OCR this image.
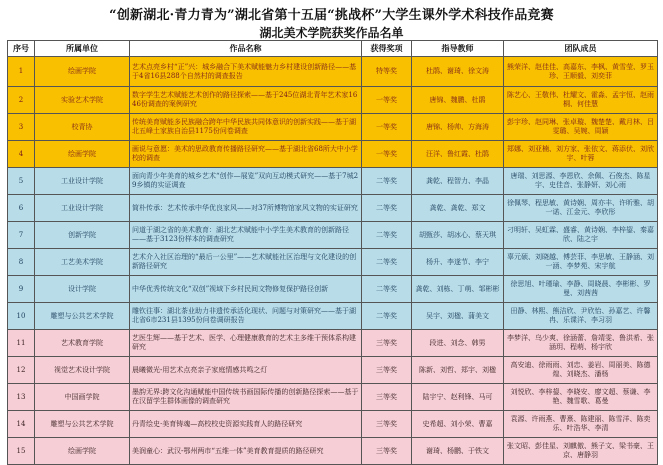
“创新湖北·青力青为”湖北省第十五届“挑战杯”大学生课外学术科技作品竞赛
湖北美术学院获奖作品名单
序号	所属单位	作品名称	获得奖项	指导教师	团队成员
1	绘画学院	艺术点亮乡村“正”兴：城乡融合下美术赋能魅力乡村建设创新路径——基于4省16县288个自然村的调查报告	特等奖	杜鹃、谢琦、徐文涛	熊荣洋、赵佳佳、高嘉东、李枫、黄雪莹、罗玉珍、王顺毅、刘奕菲
2	实验艺术学院	数字学生艺术赋能艺术创作的路径探索——基于245位湖北青年艺术家1646份调查的案例研究	一等奖	唐锦、魏鹏、杜鹃	陈艺心、王敬伟、杜耀文、霍淼、孟宇恒、赵雨桐、何佳慧
3	校青协	传统美育赋能多民族融合跨年中华民族共同体意识的创新实践——基于湖北五峰土家族自治县1175份问卷调查	一等奖	唐锦、杨帅、方海涛	彭宇珍、赵同琳、张卓璇、魏楚楚、戴月林、吕雯璐、吴婉、周颖
4	绘画学院	画说与意愿：美术的思政教育传播路径研究——基于湖北省68所大中小学校的调查	一等奖	汪洋、鲁红霞、杜鹃	郑娜、刘亚楠、刘方家、张依文、蒋添伏、刘欣宇、叶蓉
5	工业设计学院	面向青少年美育的城乡艺术“创作—展览”双向互动模式研究——基于7城29乡镇的实证调查	二等奖	龚乾、程智力、李晶	唐瑞、刘思源、李恩欣、余佩、石俊杰、陈星宇、史佳音、张静妍、刘心雨
6	工业设计学院	简朴传承：艺术传承中华优良家风——对37所博物馆家风文物的实证研究	二等奖	龚乾、龚乾、郑文	徐佩琴、程思敏、黄诗娴、周亦丰、许昕雅、胡一诺、江金元、李欣彤
7	创新学院	问道于湖之省的美术教育：湖北艺术赋能中小学生美术教育的创新路径——基于3123份样本的调查研究	二等奖	胡甄莎、胡冰心、蔡天琪	刁明轩、吴虹霖、盛睿、黄诗娴、李梓鋆、秦嘉欣、陆之宇
8	工艺美术学院	艺术介入社区治理的“最后一公里”——艺术赋能社区治理与文化建设的创新路径研究	二等奖	杨升、李遂节、李宁	辜元硕、刘晓越、傅芸菲、李思敏、王静涵、刘一涵、李梦苑、宋宇航
9	设计学院	中华优秀传统文化“双创”视域下乡村民间文物修复保护路径创新	二等奖	龚乾、刘栋、丁萌、邹彬彬	徐思旭、叶瑾瑜、李静、周晓晨、李彬彬、罗曼、刘茜茜
10	雕塑与公共艺术学院	雕钦往事：湖北茶业助力非遗传承活化现状、问题与对策研究——基于湖北省6市231县1395份问卷调研报告	二等奖	吴宇、刘楹、蒲美文	田静、林熙、熊洁欣、尹欣怡、孙嘉艺、许馨冉、乐谍洋、李习羽
11	艺术教育学院	艺医生辉——基于艺术、医学、心理健康教育的艺术主多维干预体系构建研究	三等奖	段进、刘念、韩男	李梦洋、乌少爽、徐涵蕾、詹靖雯、鲁洪希、张涵玥、程萌、杨宇欣
12	视觉艺术设计学院	晨曦微光-用艺术点亮亲子家庭情感共鸣之灯	三等奖	陈新、刘哲、郑宇、刘楹	高安迪、徐雨雨、刘忠、姜岩、周丽美、陈德煌、刘晓杰、潘杨
13	中国画学院	墨韵无界:跨文化沟通赋能中国传统书画国际传播的创新路径探索——基于在汉留学生群体画像的调查研究	三等奖	陆宇宁、赵利锋、马可	刘悦欣、李梓鋆、李晓安、廖文超、蔡谦、李艳、魏雪歌、葛曼
14	雕塑与公共艺术学院	丹青绘史·美育铸魂—高校校史资源实践育人的路径研究	三等奖	史希超、刘小荣、曹嘉	袁源、许雨燕、曹熹、陈建丽、陈雪洋、陈奕乐、叶浩华、李清
15	绘画学院	美润童心：武汉-鄂州两市“五维一体”美育教育提质的路径研究	三等奖	谢琦、杨鹏、于铁文	张文昭、彭佳星、刘麒傲、熊子文、梁书豪、王京、唐静羽
